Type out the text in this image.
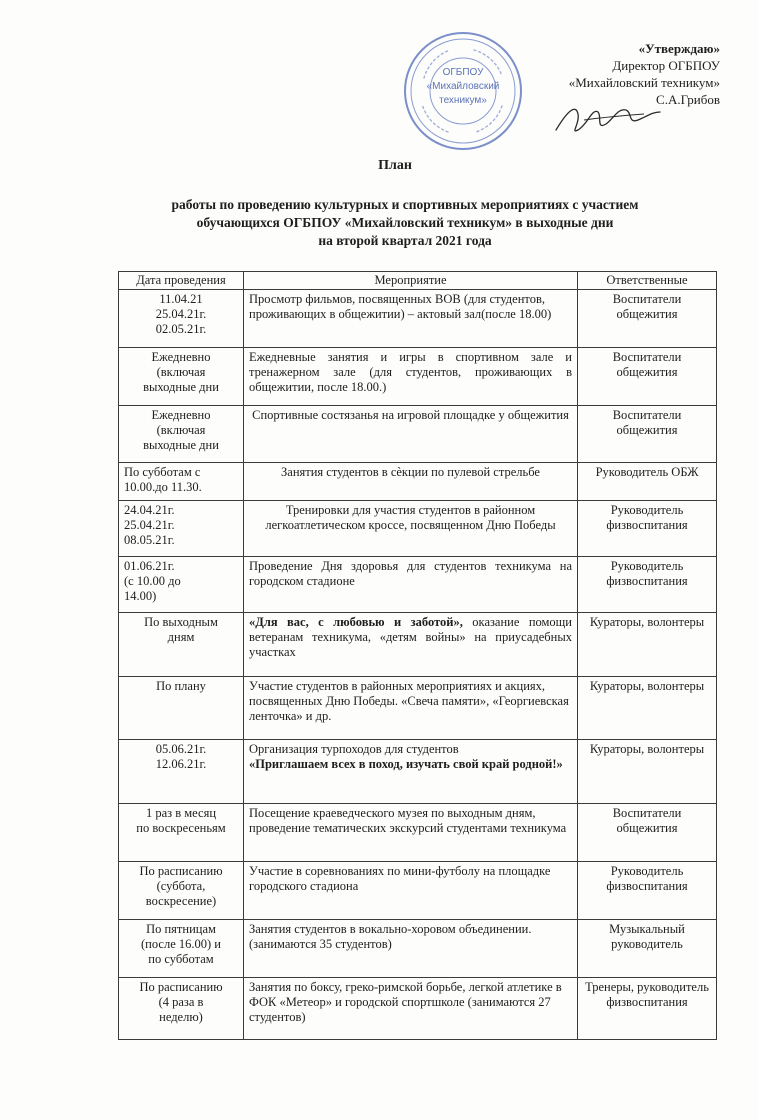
ОГБПОУ
«Михайловский
техникум»
«Утверждаю»
Директор ОГБПОУ
«Михайловский техникум»
С.А.Грибов
План
работы по проведению культурных и спортивных мероприятиях с участием
обучающихся ОГБПОУ «Михайловский техникум» в выходные дни
на второй квартал 2021 года
Дата проведения	Мероприятие	Ответственные

11.04.21
25.04.21г.
02.05.21г.	Просмотр фильмов, посвященных ВОВ (для студентов, проживающих в общежитии) – актовый зал(после 18.00)	Воспитатели общежития

Ежедневно
(включая
выходные дни	Ежедневные занятия и игры в спортивном зале и тренажерном зале (для студентов, проживающих в общежитии, после 18.00.)	Воспитатели общежития

Ежедневно
(включая
выходные дни	Спортивные состязанья на игровой площадке у общежития	Воспитатели общежития

По субботам с
10.00.до 11.30.	Занятия студентов в сѐкции по пулевой стрельбе	Руководитель ОБЖ

24.04.21г.
25.04.21г.
08.05.21г.	Тренировки для участия студентов в районном легкоатлетическом кроссе, посвященном Дню Победы	Руководитель физвоспитания

01.06.21г.
(с 10.00 до
14.00)	Проведение Дня здоровья для студентов техникума на городском стадионе	Руководитель физвоспитания

По выходным
дням	«Для вас, с любовью и заботой», оказание помощи ветеранам техникума, «детям войны» на приусадебных участках	Кураторы, волонтеры

По плану	Участие студентов в районных мероприятиях и акциях, посвященных Дню Победы. «Свеча памяти», «Георгиевская ленточка» и др.	Кураторы, волонтеры

05.06.21г.
12.06.21г.	Организация турпоходов для студентов
«Приглашаем всех в поход, изучать свой край родной!»	Кураторы, волонтеры

1 раз в месяц
по воскресеньям	Посещение краеведческого музея по выходным дням, проведение тематических экскурсий студентами техникума	Воспитатели общежития

По расписанию
(суббота,
воскресение)	Участие в соревнованиях по мини-футболу на площадке городского стадиона	Руководитель физвоспитания

По пятницам
(после 16.00) и
по субботам	Занятия студентов в вокально-хоровом объединении.(занимаются 35 студентов)	Музыкальный руководитель

По расписанию
(4 раза в
неделю)	Занятия по боксу, греко-римской борьбе, легкой атлетике в ФОК «Метеор» и городской спортшколе (занимаются 27 студентов)	Тренеры, руководитель физвоспитания
